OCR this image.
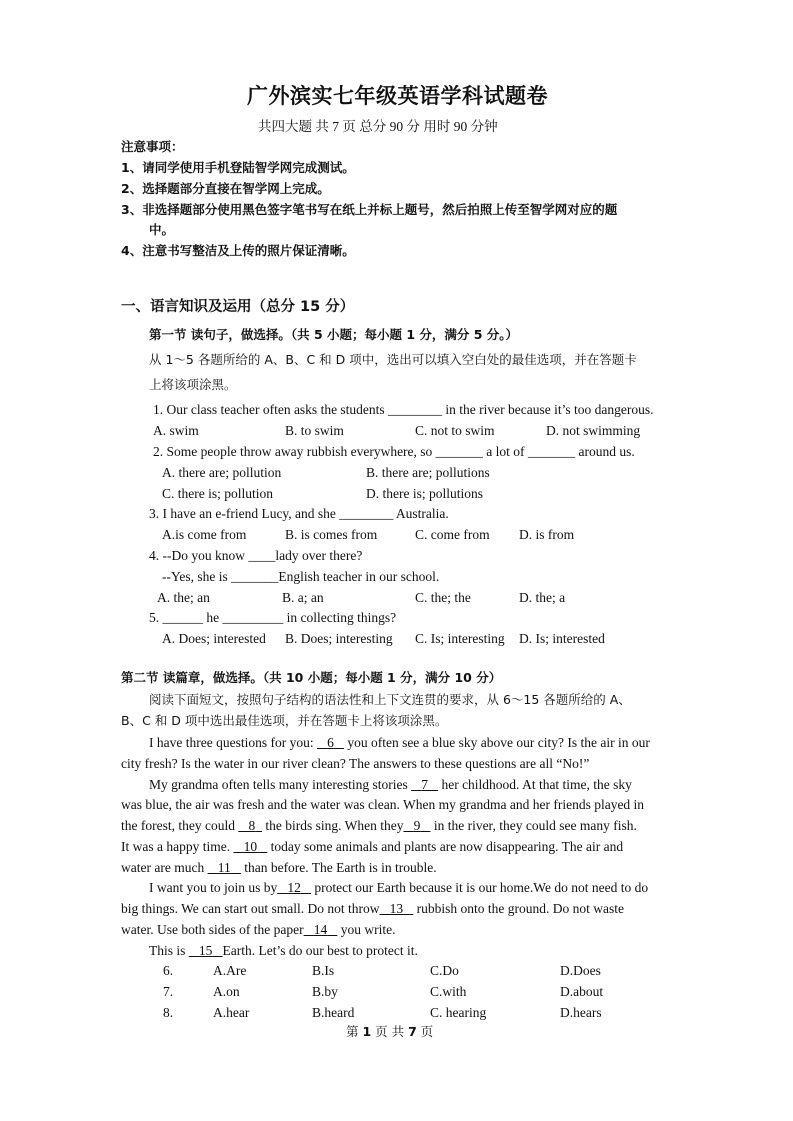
广外滨实七年级英语学科试题卷
共四大题 共 7 页 总分 90 分 用时 90 分钟
注意事项：
1、请同学使用手机登陆智学网完成测试。
2、选择题部分直接在智学网上完成。
3、非选择题部分使用黑色签字笔书写在纸上并标上题号，然后拍照上传至智学网对应的题
中。
4、注意书写整洁及上传的照片保证清晰。
一、语言知识及运用（总分 15 分）
第一节 读句子，做选择。（共 5 小题；每小题 1 分，满分 5 分。）
从 1～5 各题所给的 A、B、C 和 D 项中，选出可以填入空白处的最佳选项，并在答题卡
上将该项涂黑。
1. Our class teacher often asks the students ________ in the river because it’s too dangerous.
A. swim	B. to swim	C. not to swim	D. not swimming
2. Some people throw away rubbish everywhere, so _______ a lot of _______ around us.
A. there are; pollution	B. there are; pollutions
C. there is; pollution	D. there is; pollutions
3. I have an e-friend Lucy, and she ________ Australia.
A.is come from	B. is comes from	C. come from D. is from
4. --Do you know ____lady over there?
--Yes, she is _______English teacher in our school.
A. the; an	B. a; an	C. the; the	D. the; a
5. ______ he _________ in collecting things?
A. Does; interested B. Does; interesting C. Is; interesting D. Is; interested
第二节 读篇章，做选择。（共 10 小题；每小题 1 分，满分 10 分）
阅读下面短文，按照句子结构的语法性和上下文连贯的要求，从 6～15 各题所给的 A、
B、C 和 D 项中选出最佳选项，并在答题卡上将该项涂黑。
I have three questions for you:    6    you often see a blue sky above our city? Is the air in our
city fresh? Is the water in our river clean? The answers to these questions are all “No!”
My grandma often tells many interesting stories    7    her childhood. At that time, the sky
was blue, the air was fresh and the water was clean. When my grandma and her friends played in
the forest, they could    8   the birds sing. When they 9    in the river, they could see many fish.
It was a happy time.    10    today some animals and plants are now disappearing. The air and
water are much    11    than before. The Earth is in trouble.
I want you to join us by 12    protect our Earth because it is our home.We do not need to do
big things. We can start out small. Do not throw 13    rubbish onto the ground. Do not waste
water. Use both sides of the paper 14    you write.
This is    15 Earth. Let’s do our best to protect it.
6.	A.Are	B.Is	C.Do	D.Does
7.	A.on	B.by	C.with	D.about
8.	A.hear	B.heard	C. hearing	D.hears
第 1 页 共 7 页
